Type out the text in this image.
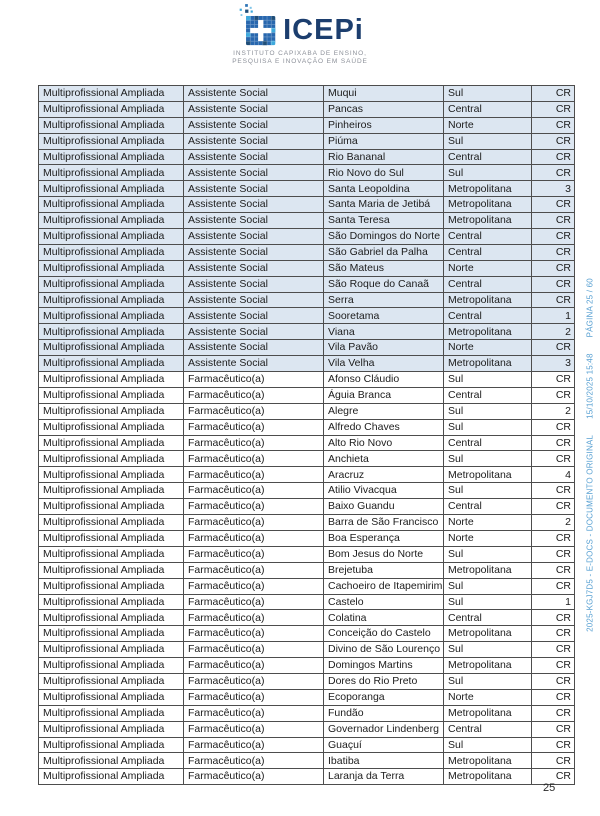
ICEPi
INSTITUTO CAPIXABA DE ENSINO,
PESQUISA E INOVAÇÃO EM SAÚDE
Multiprofissional Ampliada	Assistente Social	Muqui	Sul	CR
Multiprofissional Ampliada	Assistente Social	Pancas	Central	CR
Multiprofissional Ampliada	Assistente Social	Pinheiros	Norte	CR
Multiprofissional Ampliada	Assistente Social	Piúma	Sul	CR
Multiprofissional Ampliada	Assistente Social	Rio Bananal	Central	CR
Multiprofissional Ampliada	Assistente Social	Rio Novo do Sul	Sul	CR
Multiprofissional Ampliada	Assistente Social	Santa Leopoldina	Metropolitana	3
Multiprofissional Ampliada	Assistente Social	Santa Maria de Jetibá	Metropolitana	CR
Multiprofissional Ampliada	Assistente Social	Santa Teresa	Metropolitana	CR
Multiprofissional Ampliada	Assistente Social	São Domingos do Norte	Central	CR
Multiprofissional Ampliada	Assistente Social	São Gabriel da Palha	Central	CR
Multiprofissional Ampliada	Assistente Social	São Mateus	Norte	CR
Multiprofissional Ampliada	Assistente Social	São Roque do Canaã	Central	CR
Multiprofissional Ampliada	Assistente Social	Serra	Metropolitana	CR
Multiprofissional Ampliada	Assistente Social	Sooretama	Central	1
Multiprofissional Ampliada	Assistente Social	Viana	Metropolitana	2
Multiprofissional Ampliada	Assistente Social	Vila Pavão	Norte	CR
Multiprofissional Ampliada	Assistente Social	Vila Velha	Metropolitana	3
Multiprofissional Ampliada	Farmacêutico(a)	Afonso Cláudio	Sul	CR
Multiprofissional Ampliada	Farmacêutico(a)	Águia Branca	Central	CR
Multiprofissional Ampliada	Farmacêutico(a)	Alegre	Sul	2
Multiprofissional Ampliada	Farmacêutico(a)	Alfredo Chaves	Sul	CR
Multiprofissional Ampliada	Farmacêutico(a)	Alto Rio Novo	Central	CR
Multiprofissional Ampliada	Farmacêutico(a)	Anchieta	Sul	CR
Multiprofissional Ampliada	Farmacêutico(a)	Aracruz	Metropolitana	4
Multiprofissional Ampliada	Farmacêutico(a)	Atilio Vivacqua	Sul	CR
Multiprofissional Ampliada	Farmacêutico(a)	Baixo Guandu	Central	CR
Multiprofissional Ampliada	Farmacêutico(a)	Barra de São Francisco	Norte	2
Multiprofissional Ampliada	Farmacêutico(a)	Boa Esperança	Norte	CR
Multiprofissional Ampliada	Farmacêutico(a)	Bom Jesus do Norte	Sul	CR
Multiprofissional Ampliada	Farmacêutico(a)	Brejetuba	Metropolitana	CR
Multiprofissional Ampliada	Farmacêutico(a)	Cachoeiro de Itapemirim	Sul	CR
Multiprofissional Ampliada	Farmacêutico(a)	Castelo	Sul	1
Multiprofissional Ampliada	Farmacêutico(a)	Colatina	Central	CR
Multiprofissional Ampliada	Farmacêutico(a)	Conceição do Castelo	Metropolitana	CR
Multiprofissional Ampliada	Farmacêutico(a)	Divino de São Lourenço	Sul	CR
Multiprofissional Ampliada	Farmacêutico(a)	Domingos Martins	Metropolitana	CR
Multiprofissional Ampliada	Farmacêutico(a)	Dores do Rio Preto	Sul	CR
Multiprofissional Ampliada	Farmacêutico(a)	Ecoporanga	Norte	CR
Multiprofissional Ampliada	Farmacêutico(a)	Fundão	Metropolitana	CR
Multiprofissional Ampliada	Farmacêutico(a)	Governador Lindenberg	Central	CR
Multiprofissional Ampliada	Farmacêutico(a)	Guaçuí	Sul	CR
Multiprofissional Ampliada	Farmacêutico(a)	Ibatiba	Metropolitana	CR
Multiprofissional Ampliada	Farmacêutico(a)	Laranja da Terra	Metropolitana	CR
2025-KGJ7D5 - E-DOCS - DOCUMENTO ORIGINAL
15/10/2025 15:48
PÁGINA 25 / 60
25
